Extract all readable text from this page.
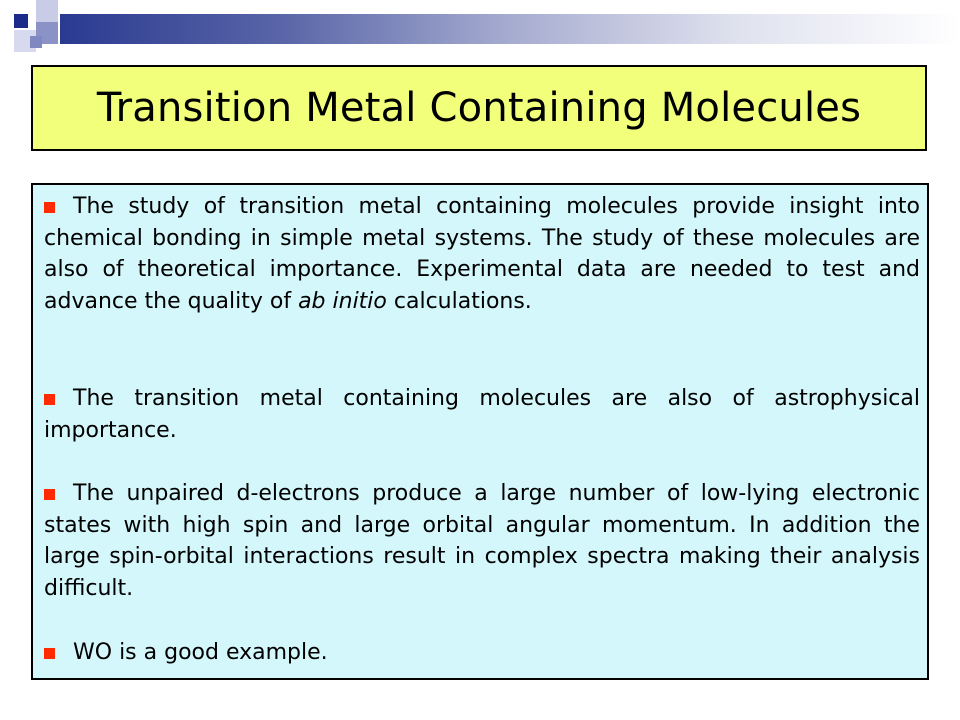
Transition Metal Containing Molecules

The study of transition metal containing molecules provide insight into chemical bonding in simple metal systems. The study of these molecules are also of theoretical importance. Experimental data are needed to test and advance the quality of ab initio calculations.

The transition metal containing molecules are also of astrophysical importance.

The unpaired d-electrons produce a large number of low-lying electronic states with high spin and large orbital angular momentum. In addition the large spin-orbital interactions result in complex spectra making their analysis difficult.

WO is a good example.
